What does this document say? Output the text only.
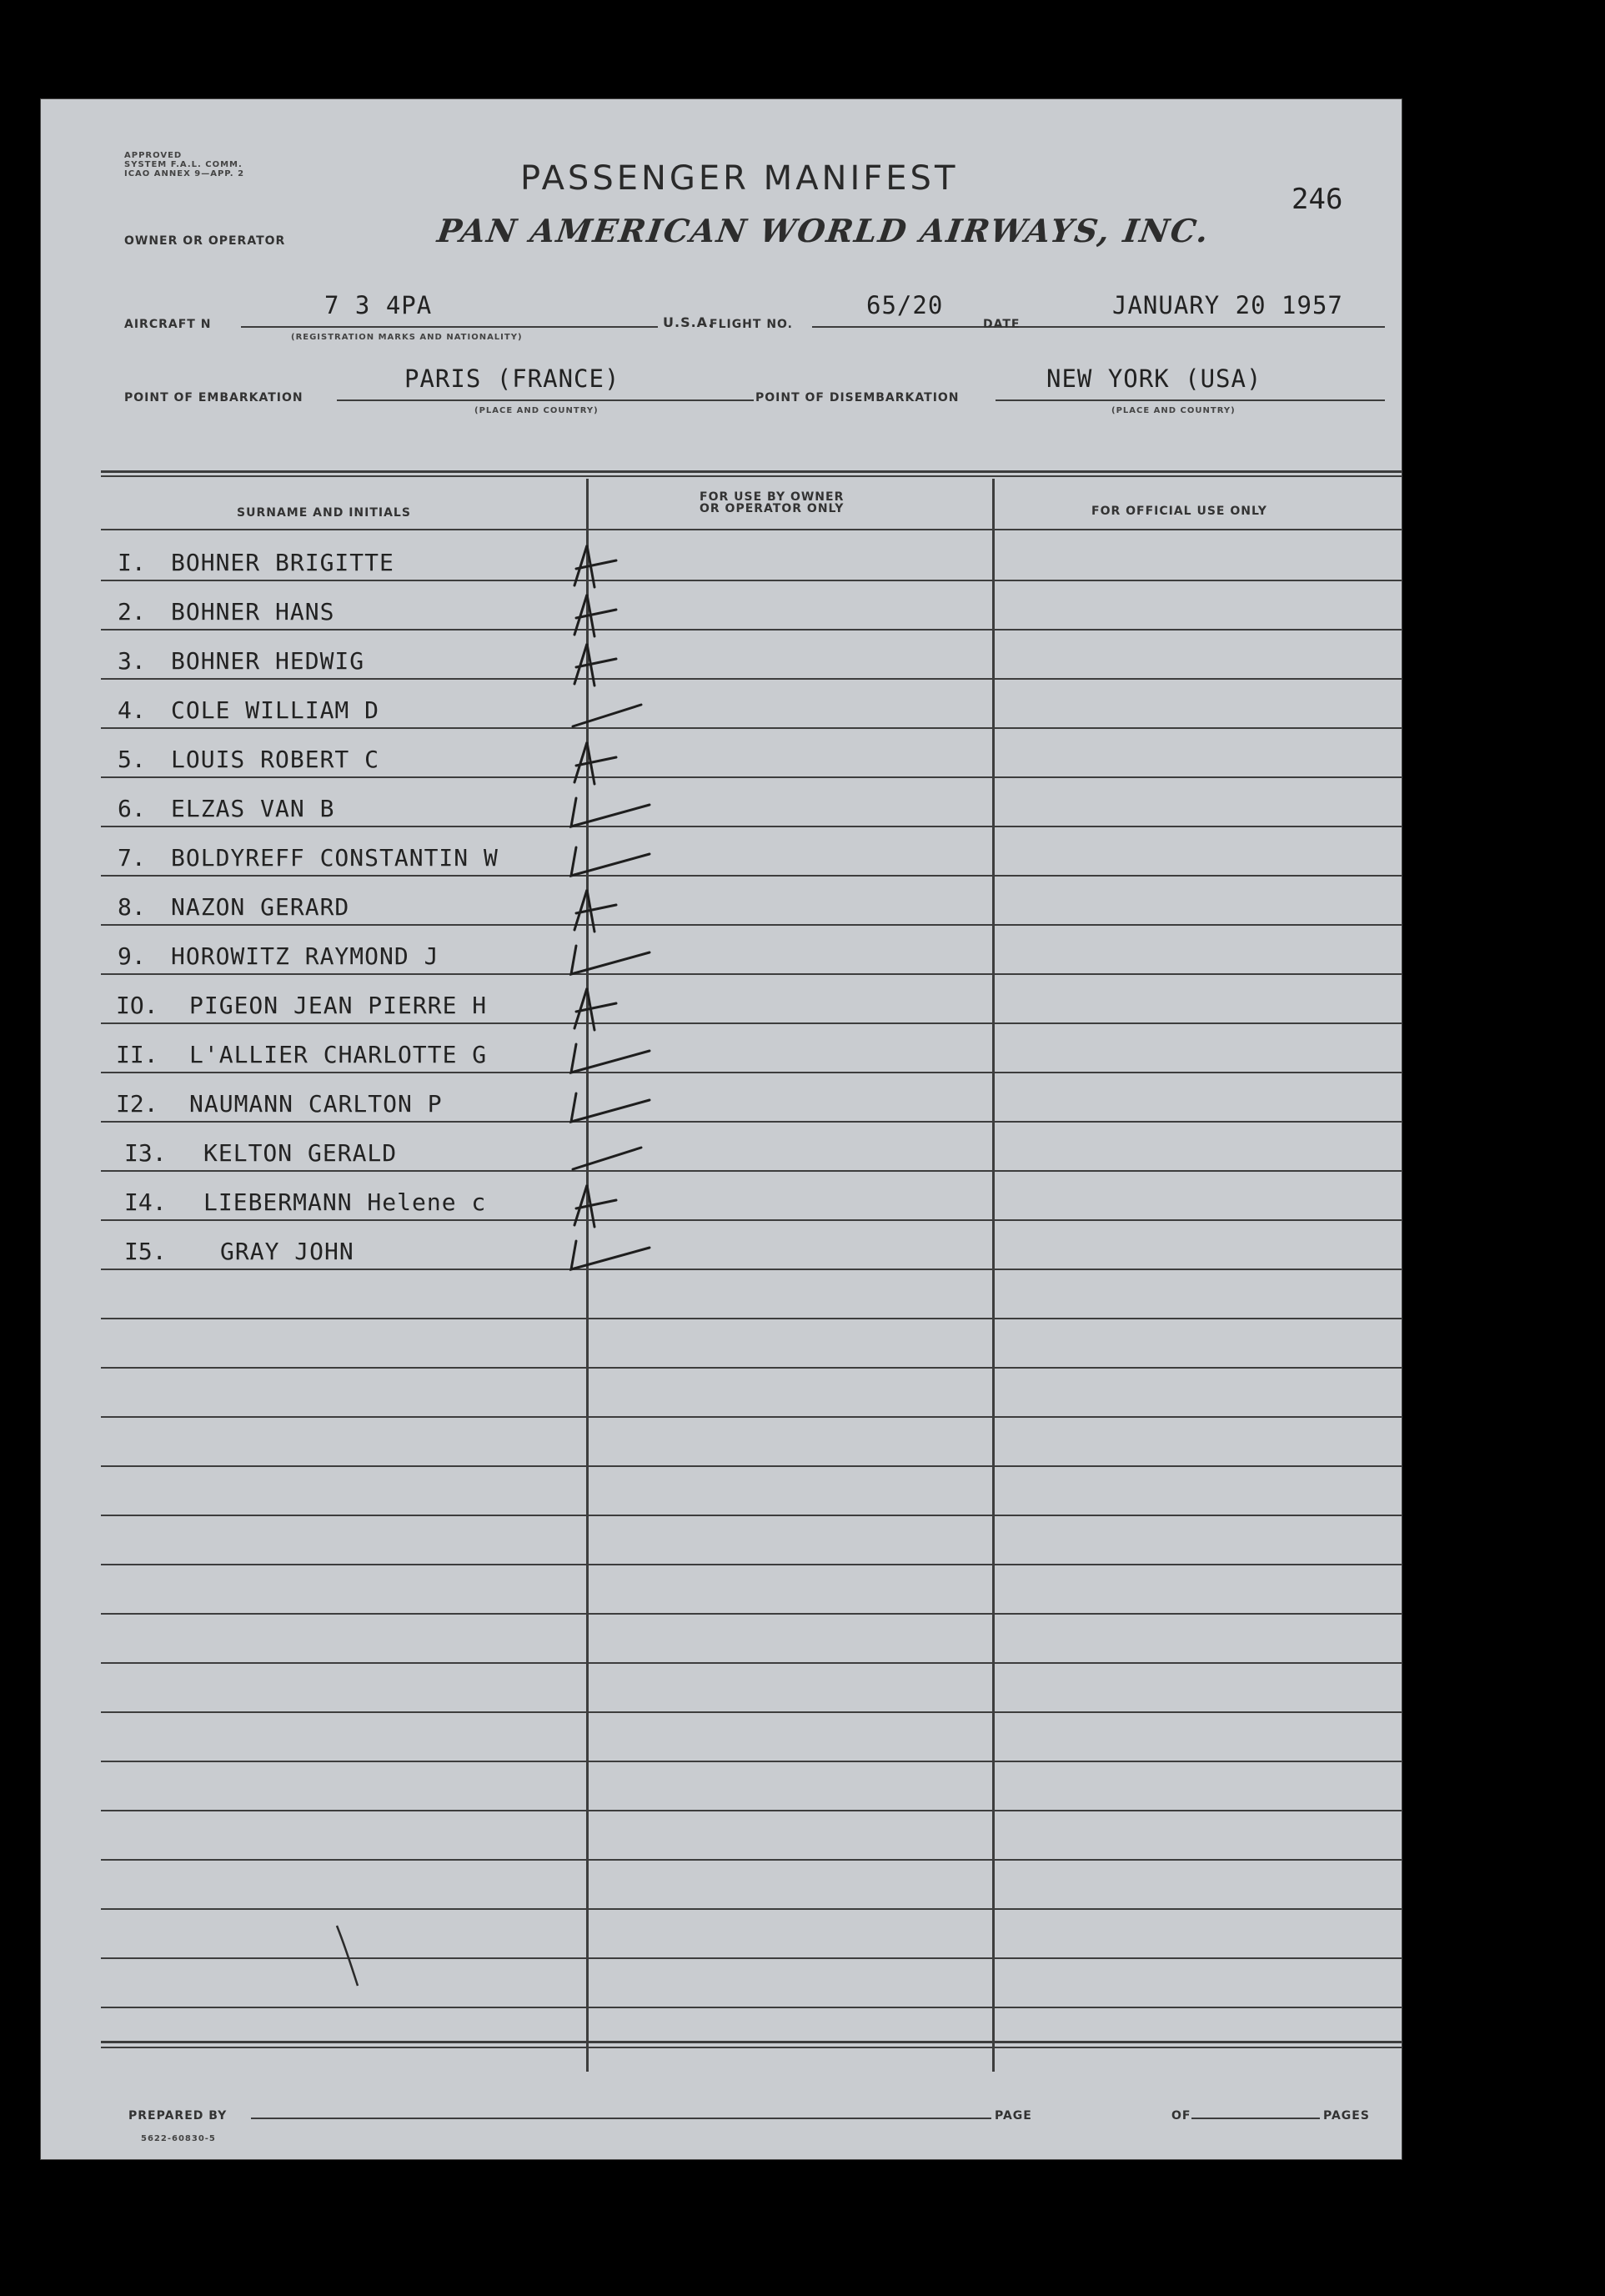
APPROVED
SYSTEM F.A.L. COMM.
ICAO ANNEX 9—APP. 2	PASSENGER MANIFEST
246
OWNER OR OPERATOR	PAN AMERICAN WORLD AIRWAYS, INC.
AIRCRAFT N
7 3 4PA
(REGISTRATION MARKS AND NATIONALITY)
U.S.A.
FLIGHT NO.
65/20
DATE
JANUARY 20 1957
POINT OF EMBARKATION
PARIS (FRANCE)
(PLACE AND COUNTRY)
POINT OF DISEMBARKATION
NEW YORK (USA)
(PLACE AND COUNTRY)
SURNAME AND INITIALS
FOR USE BY OWNER
OR OPERATOR ONLY	FOR OFFICIAL USE ONLY
I. BOHNER BRIGITTE
2. BOHNER HANS
3. BOHNER HEDWIG
4. COLE WILLIAM D
5. LOUIS ROBERT C
6. ELZAS VAN B
7. BOLDYREFF CONSTANTIN W
8. NAZON GERARD
9. HOROWITZ RAYMOND J
IO. PIGEON JEAN PIERRE H
II. L'ALLIER CHARLOTTE G
I2. NAUMANN CARLTON P
I3. KELTON GERALD
I4. LIEBERMANN Helene c
I5. GRAY JOHN
PREPARED BY	PAGE	OF	PAGES
5622-60830-5
